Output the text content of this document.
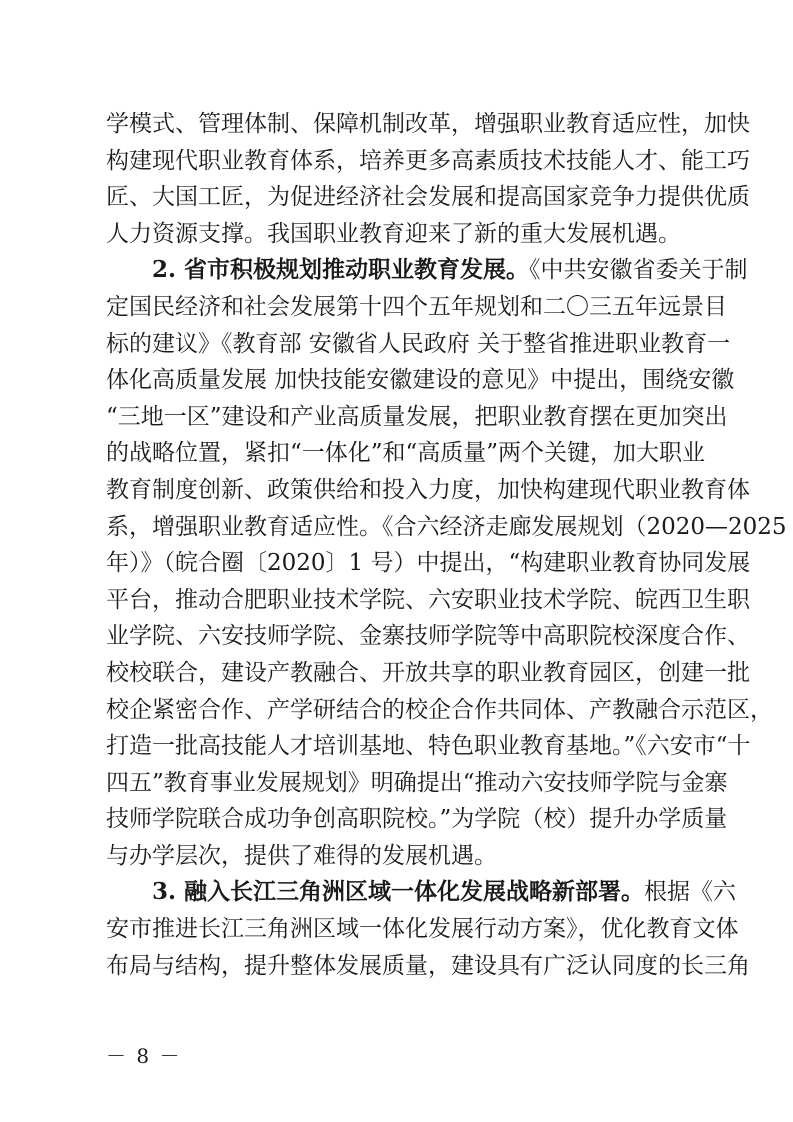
学模式、管理体制、保障机制改革，增强职业教育适应性，加快
构建现代职业教育体系，培养更多高素质技术技能人才、能工巧
匠、大国工匠，为促进经济社会发展和提高国家竞争力提供优质
人力资源支撑。我国职业教育迎来了新的重大发展机遇。
2. 省市积极规划推动职业教育发展。《中共安徽省委关于制
定国民经济和社会发展第十四个五年规划和二〇三五年远景目
标的建议》《教育部 安徽省人民政府 关于整省推进职业教育一
体化高质量发展 加快技能安徽建设的意见》中提出，围绕安徽
“三地一区”建设和产业高质量发展，把职业教育摆在更加突出
的战略位置，紧扣“一体化”和“高质量”两个关键，加大职业
教育制度创新、政策供给和投入力度，加快构建现代职业教育体
系，增强职业教育适应性。《合六经济走廊发展规划（2020—2025
年）》（皖合圈〔2020〕1 号）中提出，“构建职业教育协同发展
平台，推动合肥职业技术学院、六安职业技术学院、皖西卫生职
业学院、六安技师学院、金寨技师学院等中高职院校深度合作、
校校联合，建设产教融合、开放共享的职业教育园区，创建一批
校企紧密合作、产学研结合的校企合作共同体、产教融合示范区，
打造一批高技能人才培训基地、特色职业教育基地。”《六安市“十
四五”教育事业发展规划》明确提出“推动六安技师学院与金寨
技师学院联合成功争创高职院校。”为学院（校）提升办学质量
与办学层次，提供了难得的发展机遇。
3. 融入长江三角洲区域一体化发展战略新部署。根据《六
安市推进长江三角洲区域一体化发展行动方案》，优化教育文体
布局与结构，提升整体发展质量，建设具有广泛认同度的长三角
－ 8 －
